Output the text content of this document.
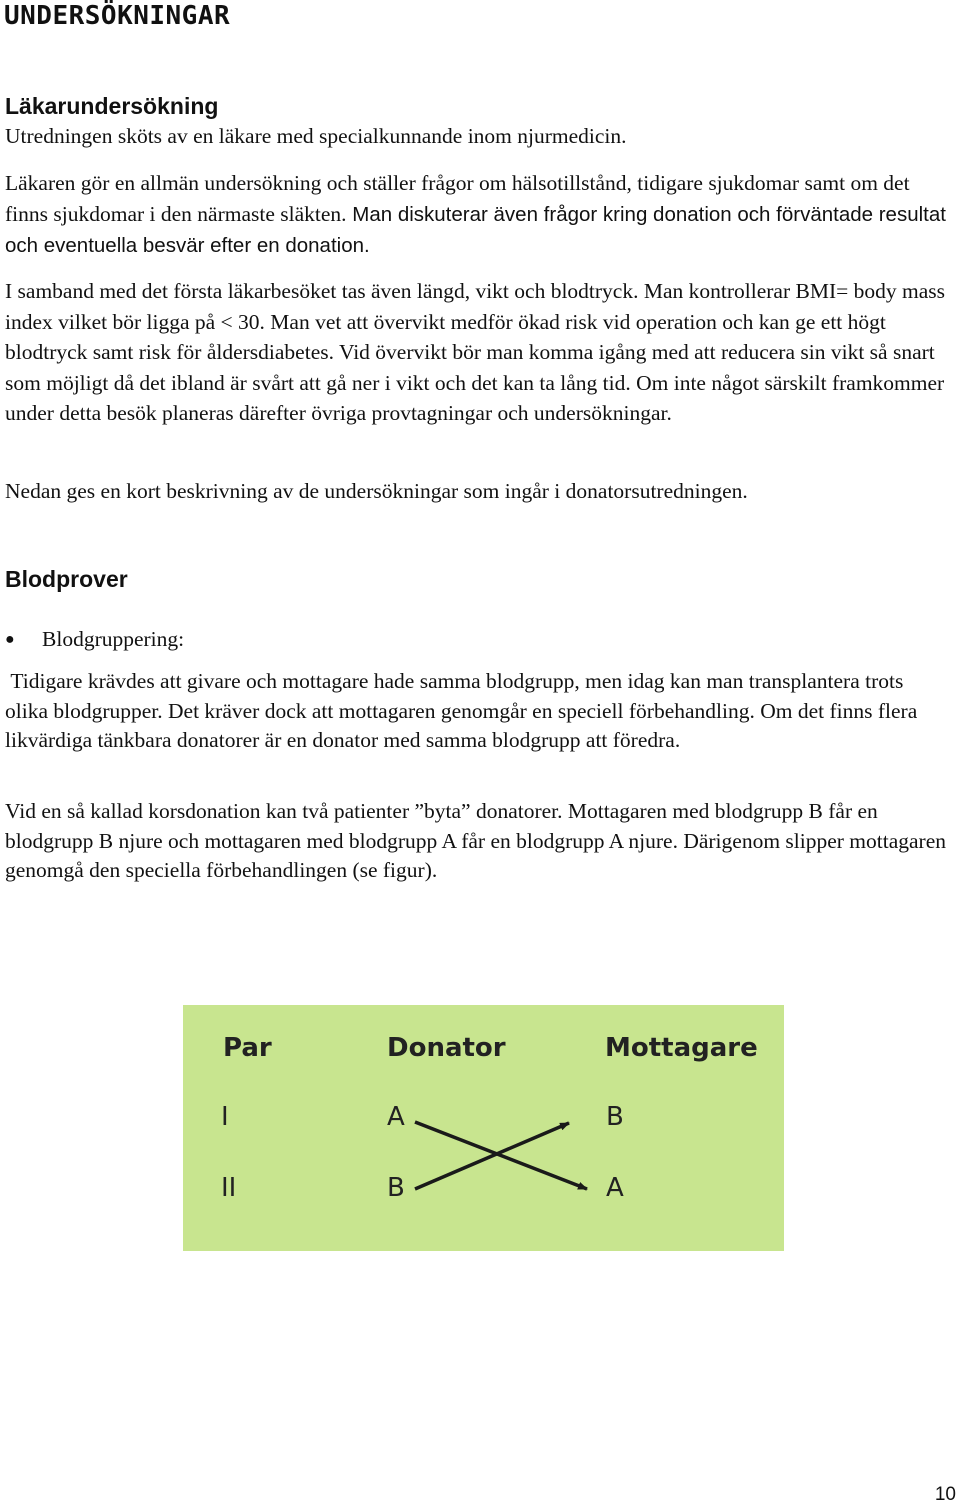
UNDERSÖKNINGAR
Läkarundersökning
Utredningen sköts av en läkare med specialkunnande inom njurmedicin.
Läkaren gör en allmän undersökning och ställer frågor om hälsotillstånd, tidigare sjukdomar samt om det finns sjukdomar i den närmaste släkten. Man diskuterar även frågor kring donation och förväntade resultat och eventuella besvär efter en donation.
I samband med det första läkarbesöket tas även längd, vikt och blodtryck. Man kontrollerar BMI= body mass index vilket bör ligga på < 30. Man vet att övervikt medför ökad risk vid operation och kan ge ett högt blodtryck samt risk för åldersdiabetes. Vid övervikt bör man komma igång med att reducera sin vikt så snart som möjligt då det ibland är svårt att gå ner i vikt och det kan ta lång tid. Om inte något särskilt framkommer under detta besök planeras därefter övriga provtagningar och undersökningar.
Nedan ges en kort beskrivning av de undersökningar som ingår i donatorsutredningen.
Blodprover
● Blodgruppering:
Tidigare krävdes att givare och mottagare hade samma blodgrupp, men idag kan man transplantera trots olika blodgrupper. Det kräver dock att mottagaren genomgår en speciell förbehandling. Om det finns flera likvärdiga tänkbara donatorer är en donator med samma blodgrupp att föredra.
Vid en så kallad korsdonation kan två patienter ”byta” donatorer. Mottagaren med blodgrupp B får en blodgrupp B njure och mottagaren med blodgrupp A får en blodgrupp A njure. Därigenom slipper mottagaren genomgå den speciella förbehandlingen (se figur).
Par	Donator	Mottagare
I	A	B
II	B	A
10
